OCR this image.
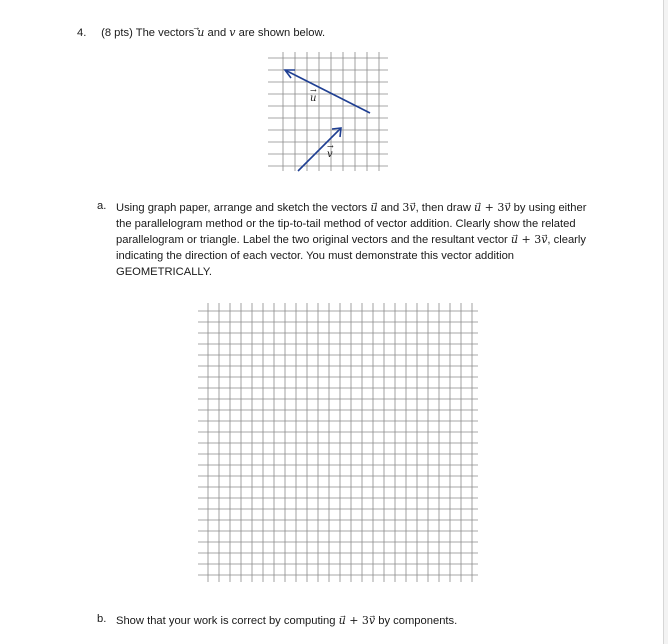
4. (8 pts) The vectors u and v are shown below.
u
→
v
→
a. Using graph paper, arrange and sketch the vectors u⃗ and 3v, then draw u + 3v by using either the parallelogram method or the tip-to-tail method of vector addition. Clearly show the related parallelogram or triangle. Label the two original vectors and the resultant vector u + 3v, clearly indicating the direction of each vector. You must demonstrate this vector addition GEOMETRICALLY.
b. Show that your work is correct by computing u + 3v by components.
